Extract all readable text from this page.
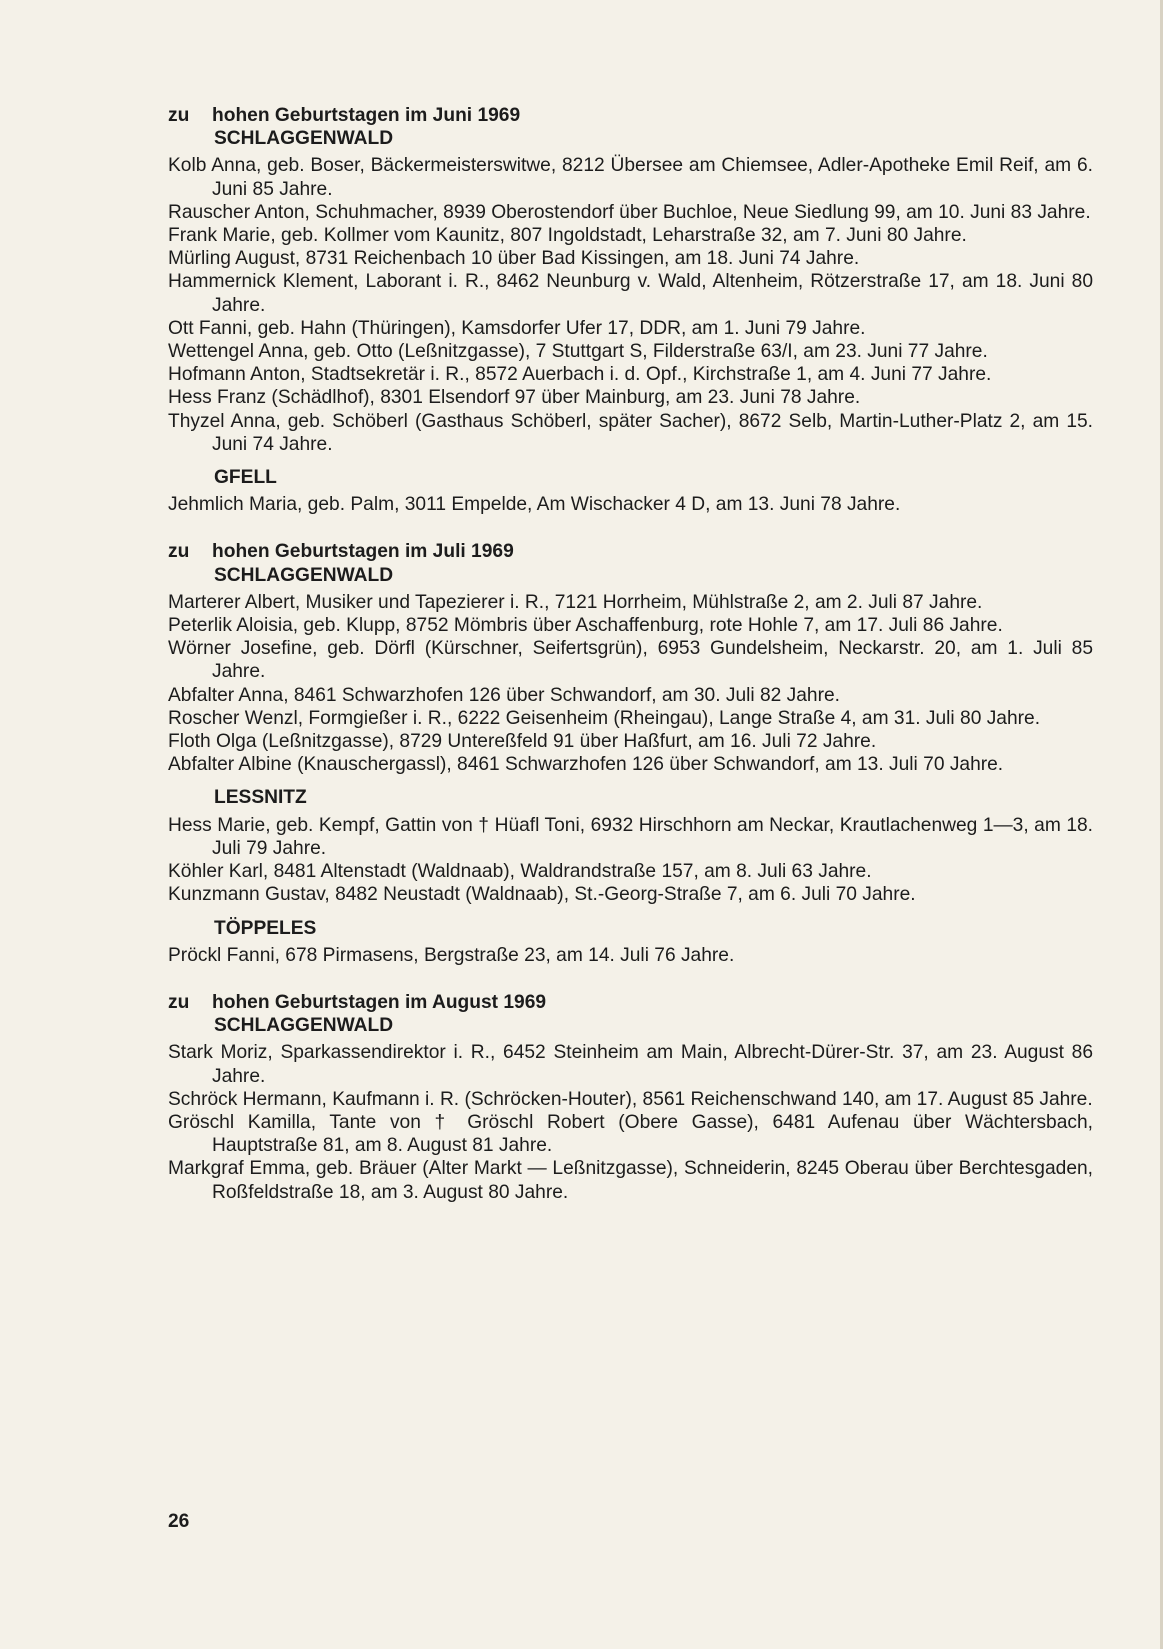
zu hohen Geburtstagen im Juni 1969

SCHLAGGENWALD

Kolb Anna, geb. Boser, Bäckermeisterswitwe, 8212 Übersee am Chiemsee, Adler-Apotheke Emil Reif, am 6. Juni 85 Jahre.

Rauscher Anton, Schuhmacher, 8939 Oberostendorf über Buchloe, Neue Siedlung 99, am 10. Juni 83 Jahre.

Frank Marie, geb. Kollmer vom Kaunitz, 807 Ingoldstadt, Leharstraße 32, am 7. Juni 80 Jahre.

Mürling August, 8731 Reichenbach 10 über Bad Kissingen, am 18. Juni 74 Jahre.

Hammernick Klement, Laborant i. R., 8462 Neunburg v. Wald, Altenheim, Rötzerstraße 17, am 18. Juni 80 Jahre.

Ott Fanni, geb. Hahn (Thüringen), Kamsdorfer Ufer 17, DDR, am 1. Juni 79 Jahre.

Wettengel Anna, geb. Otto (Leßnitzgasse), 7 Stuttgart S, Filderstraße 63/I, am 23. Juni 77 Jahre.

Hofmann Anton, Stadtsekretär i. R., 8572 Auerbach i. d. Opf., Kirchstraße 1, am 4. Juni 77 Jahre.

Hess Franz (Schädlhof), 8301 Elsendorf 97 über Mainburg, am 23. Juni 78 Jahre.

Thyzel Anna, geb. Schöberl (Gasthaus Schöberl, später Sacher), 8672 Selb, Martin-Luther-Platz 2, am 15. Juni 74 Jahre.

GFELL

Jehmlich Maria, geb. Palm, 3011 Empelde, Am Wischacker 4 D, am 13. Juni 78 Jahre.

zu hohen Geburtstagen im Juli 1969

SCHLAGGENWALD

Marterer Albert, Musiker und Tapezierer i. R., 7121 Horrheim, Mühlstraße 2, am 2. Juli 87 Jahre.

Peterlik Aloisia, geb. Klupp, 8752 Mömbris über Aschaffenburg, rote Hohle 7, am 17. Juli 86 Jahre.

Wörner Josefine, geb. Dörfl (Kürschner, Seifertsgrün), 6953 Gundelsheim, Neckarstr. 20, am 1. Juli 85 Jahre.

Abfalter Anna, 8461 Schwarzhofen 126 über Schwandorf, am 30. Juli 82 Jahre.

Roscher Wenzl, Formgießer i. R., 6222 Geisenheim (Rheingau), Lange Straße 4, am 31. Juli 80 Jahre.

Floth Olga (Leßnitzgasse), 8729 Untereßfeld 91 über Haßfurt, am 16. Juli 72 Jahre.

Abfalter Albine (Knauschergassl), 8461 Schwarzhofen 126 über Schwandorf, am 13. Juli 70 Jahre.

LESSNITZ

Hess Marie, geb. Kempf, Gattin von † Hüafl Toni, 6932 Hirschhorn am Neckar, Krautlachenweg 1—3, am 18. Juli 79 Jahre.

Köhler Karl, 8481 Altenstadt (Waldnaab), Waldrandstraße 157, am 8. Juli 63 Jahre.

Kunzmann Gustav, 8482 Neustadt (Waldnaab), St.-Georg-Straße 7, am 6. Juli 70 Jahre.

TÖPPELES

Pröckl Fanni, 678 Pirmasens, Bergstraße 23, am 14. Juli 76 Jahre.

zu hohen Geburtstagen im August 1969

SCHLAGGENWALD

Stark Moriz, Sparkassendirektor i. R., 6452 Steinheim am Main, Albrecht-Dürer-Str. 37, am 23. August 86 Jahre.

Schröck Hermann, Kaufmann i. R. (Schröcken-Houter), 8561 Reichenschwand 140, am 17. August 85 Jahre.

Gröschl Kamilla, Tante von † Gröschl Robert (Obere Gasse), 6481 Aufenau über Wächtersbach, Hauptstraße 81, am 8. August 81 Jahre.

Markgraf Emma, geb. Bräuer (Alter Markt — Leßnitzgasse), Schneiderin, 8245 Oberau über Berchtesgaden, Roßfeldstraße 18, am 3. August 80 Jahre.

26
